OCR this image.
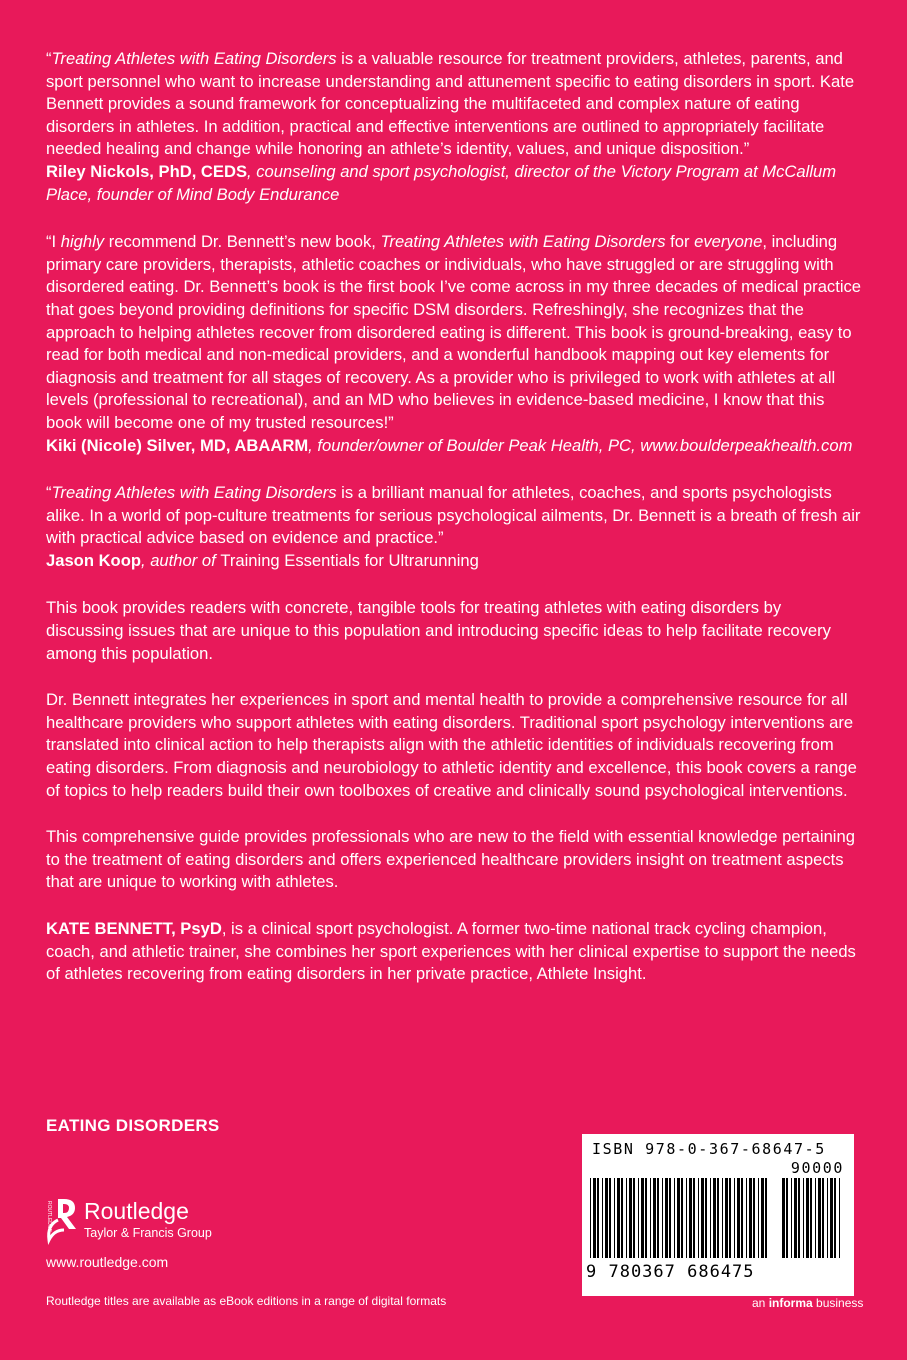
“Treating Athletes with Eating Disorders is a valuable resource for treatment providers, athletes, parents, and sport personnel who want to increase understanding and attunement specific to eating disorders in sport. Kate Bennett provides a sound framework for conceptualizing the multifaceted and complex nature of eating disorders in athletes. In addition, practical and effective interventions are outlined to appropriately facilitate needed healing and change while honoring an athlete’s identity, values, and unique disposition.”

Riley Nickols, PhD, CEDS, counseling and sport psychologist, director of the Victory Program at McCallum Place, founder of Mind Body Endurance

“I highly recommend Dr. Bennett’s new book, Treating Athletes with Eating Disorders for everyone, including primary care providers, therapists, athletic coaches or individuals, who have struggled or are struggling with disordered eating. Dr. Bennett’s book is the first book I’ve come across in my three decades of medical practice that goes beyond providing definitions for specific DSM disorders. Refreshingly, she recognizes that the approach to helping athletes recover from disordered eating is different. This book is ground-breaking, easy to read for both medical and non-medical providers, and a wonderful handbook mapping out key elements for diagnosis and treatment for all stages of recovery. As a provider who is privileged to work with athletes at all levels (professional to recreational), and an MD who believes in evidence-based medicine, I know that this book will become one of my trusted resources!”

Kiki (Nicole) Silver, MD, ABAARM, founder/owner of Boulder Peak Health, PC, www.boulderpeakhealth.com

“Treating Athletes with Eating Disorders is a brilliant manual for athletes, coaches, and sports psychologists alike. In a world of pop-culture treatments for serious psychological ailments, Dr. Bennett is a breath of fresh air with practical advice based on evidence and practice.”

Jason Koop, author of Training Essentials for Ultrarunning

This book provides readers with concrete, tangible tools for treating athletes with eating disorders by discussing issues that are unique to this population and introducing specific ideas to help facilitate recovery among this population.

Dr. Bennett integrates her experiences in sport and mental health to provide a comprehensive resource for all healthcare providers who support athletes with eating disorders. Traditional sport psychology interventions are translated into clinical action to help therapists align with the athletic identities of individuals recovering from eating disorders. From diagnosis and neurobiology to athletic identity and excellence, this book covers a range of topics to help readers build their own toolboxes of creative and clinically sound psychological interventions.

This comprehensive guide provides professionals who are new to the field with essential knowledge pertaining to the treatment of eating disorders and offers experienced healthcare providers insight on treatment aspects that are unique to working with athletes.

KATE BENNETT, PsyD, is a clinical sport psychologist. A former two-time national track cycling champion, coach, and athletic trainer, she combines her sport experiences with her clinical expertise to support the needs of athletes recovering from eating disorders in her private practice, Athlete Insight.

EATING DISORDERS
ROUTLEDGE Routledge
Taylor & Francis Group
www.routledge.com
Routledge titles are available as eBook editions in a range of digital formats
ISBN 978-0-367-68647-5
90000
9 780367 686475
an informa business
